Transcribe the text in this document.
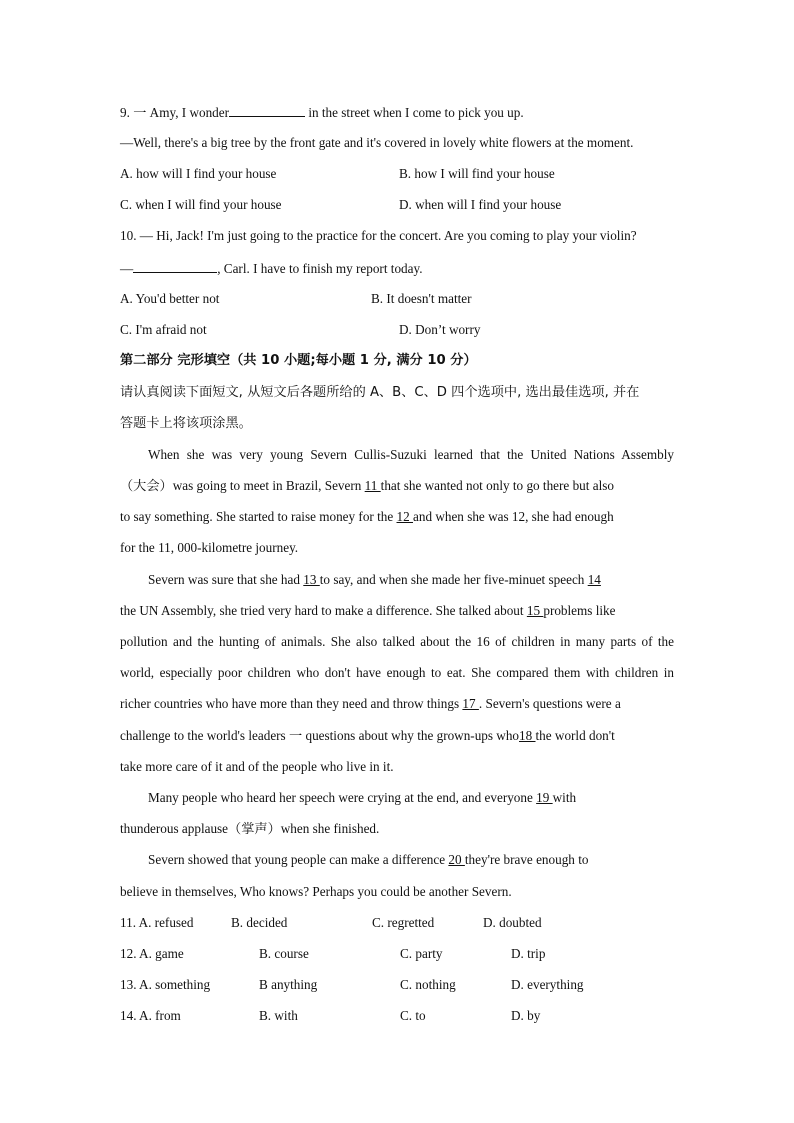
9. 一 Amy, I wonder	in the street when I come to pick you up.
—Well, there's a big tree by the front gate and it's covered in lovely white flowers at the moment.
A. how will I find your house	B. how I will find your house
C. when I will find your house	D. when will I find your house
10. — Hi, Jack! I'm just going to the practice for the concert. Are you coming to play your violin?
—	, Carl. I have to finish my report today.
A. You'd better not	B. It doesn't matter
C. I'm afraid not	D. Don’t worry
第二部分 完形填空（共 10 小题;每小题 1 分, 满分 10 分）
请认真阅读下面短文, 从短文后各题所给的 A、B、C、D 四个选项中, 选出最佳选项, 并在
答题卡上将该项涂黑。
When she was very young Severn Cullis-Suzuki learned that the United Nations Assembly
（大会）was going to meet in Brazil, Severn 11 that she wanted not only to go there but also
to say something. She started to raise money for the 12 and when she was 12, she had enough
for the 11, 000-kilometre journey.
Severn was sure that she had 13 to say, and when she made her five-minuet speech 14
the UN Assembly, she tried very hard to make a difference. She talked about 15 problems like
pollution and the hunting of animals. She also talked about the 16 of children in many parts of the
world, especially poor children who don't have enough to eat. She compared them with children in
richer countries who have more than they need and throw things 17 . Severn's questions were a
challenge to the world's leaders 一 questions about why the grown-ups who18 the world don't
take more care of it and of the people who live in it.
Many people who heard her speech were crying at the end, and everyone 19 with
thunderous applause（掌声）when she finished.
Severn showed that young people can make a difference 20 they're brave enough to
believe in themselves, Who knows? Perhaps you could be another Severn.
11. A. refused	B. decided	C. regretted	D. doubted
12. A. game	B. course	C. party	D. trip
13. A. something	B anything	C. nothing	D. everything
14. A. from	B. with	C. to	D. by
